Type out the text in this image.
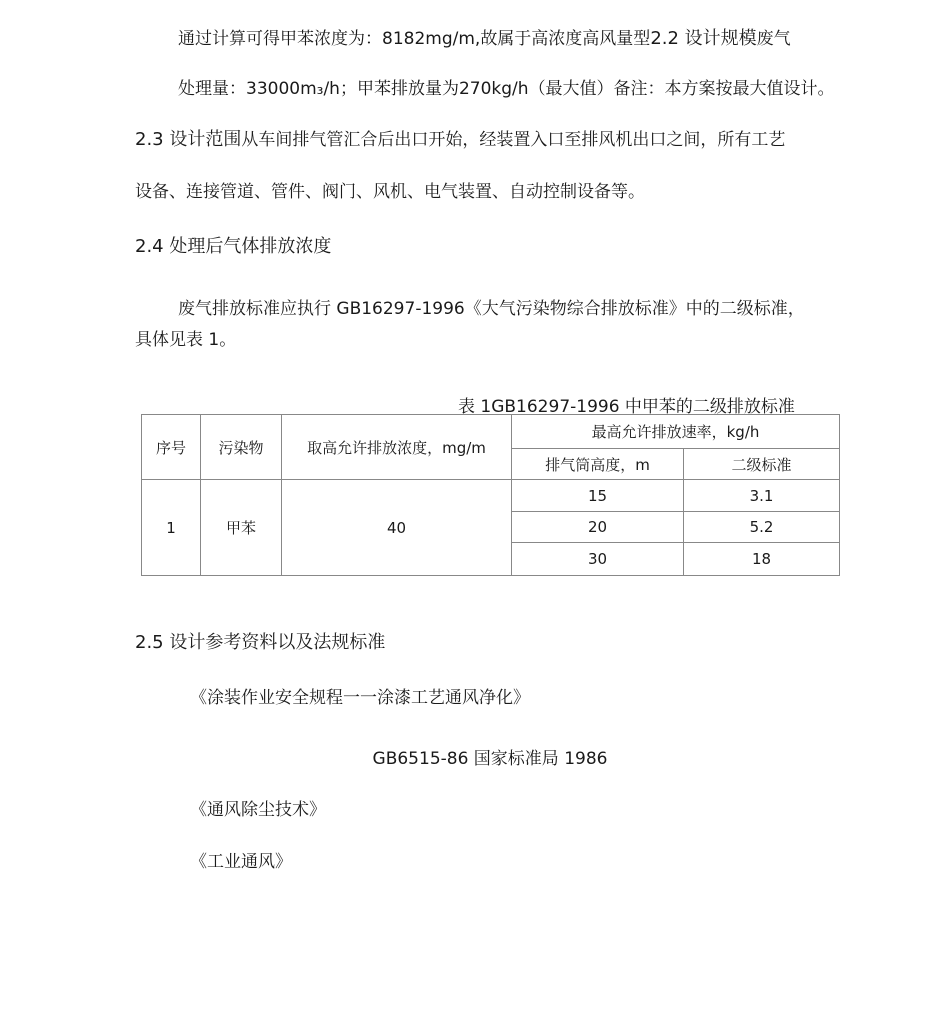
通过计算可得甲苯浓度为：8182mg/m,故属于高浓度高风量型2.2 设计规模废气
处理量：33000m₃/h；甲苯排放量为270kg/h（最大值）备注：本方案按最大值设计。
2.3 设计范围从车间排气管汇合后出口开始，经装置入口至排风机出口之间，所有工艺
设备、连接管道、管件、阀门、风机、电气装置、自动控制设备等。
2.4 处理后气体排放浓度
废气排放标准应执行 GB16297-1996《大气污染物综合排放标准》中的二级标准，
具体见表 1。
表 1GB16297-1996 中甲苯的二级排放标准
序号	污染物	取高允许排放浓度，mg/m	最高允许排放速率，kg/h	
			排气筒高度，m	二级标准
1	甲苯	40	15	3.1
			20	5.2
			30	18
2.5 设计参考资料以及法规标准
《涂装作业安全规程一一涂漆工艺通风净化》
GB6515-86 国家标准局 1986
《通风除尘技术》
《工业通风》
